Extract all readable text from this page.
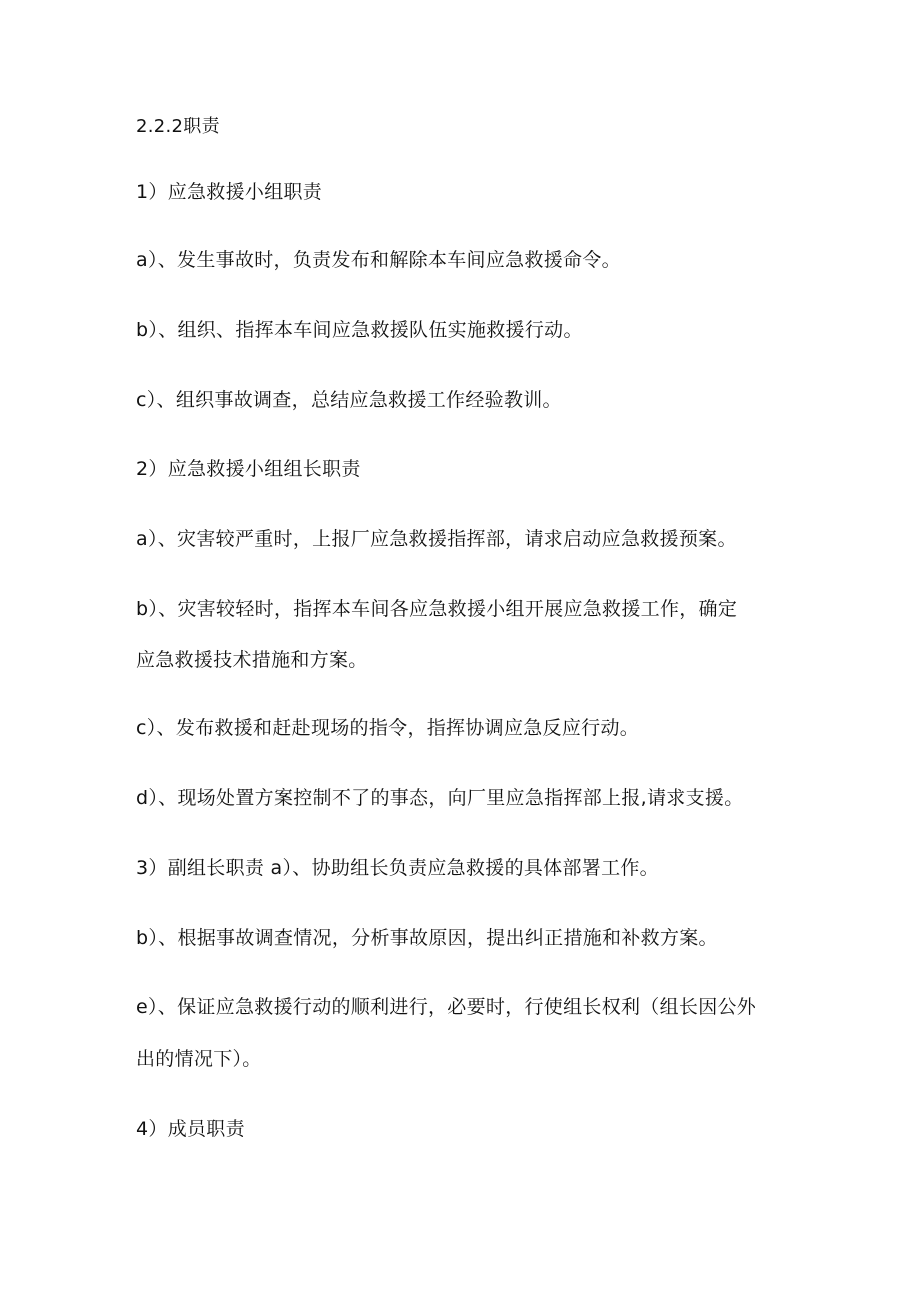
2.2.2职责
1）应急救援小组职责
a）、发生事故时，负责发布和解除本车间应急救援命令。
b）、组织、指挥本车间应急救援队伍实施救援行动。
c）、组织事故调查，总结应急救援工作经验教训。
2）应急救援小组组长职责
a）、灾害较严重时，上报厂应急救援指挥部，请求启动应急救援预案。
b）、灾害较轻时，指挥本车间各应急救援小组开展应急救援工作，确定
应急救援技术措施和方案。
c）、发布救援和赶赴现场的指令，指挥协调应急反应行动。
d）、现场处置方案控制不了的事态，向厂里应急指挥部上报,请求支援。
3）副组长职责 a）、协助组长负责应急救援的具体部署工作。
b）、根据事故调查情况，分析事故原因，提出纠正措施和补救方案。
e）、保证应急救援行动的顺利进行，必要时，行使组长权利（组长因公外
出的情况下）。
4）成员职责
